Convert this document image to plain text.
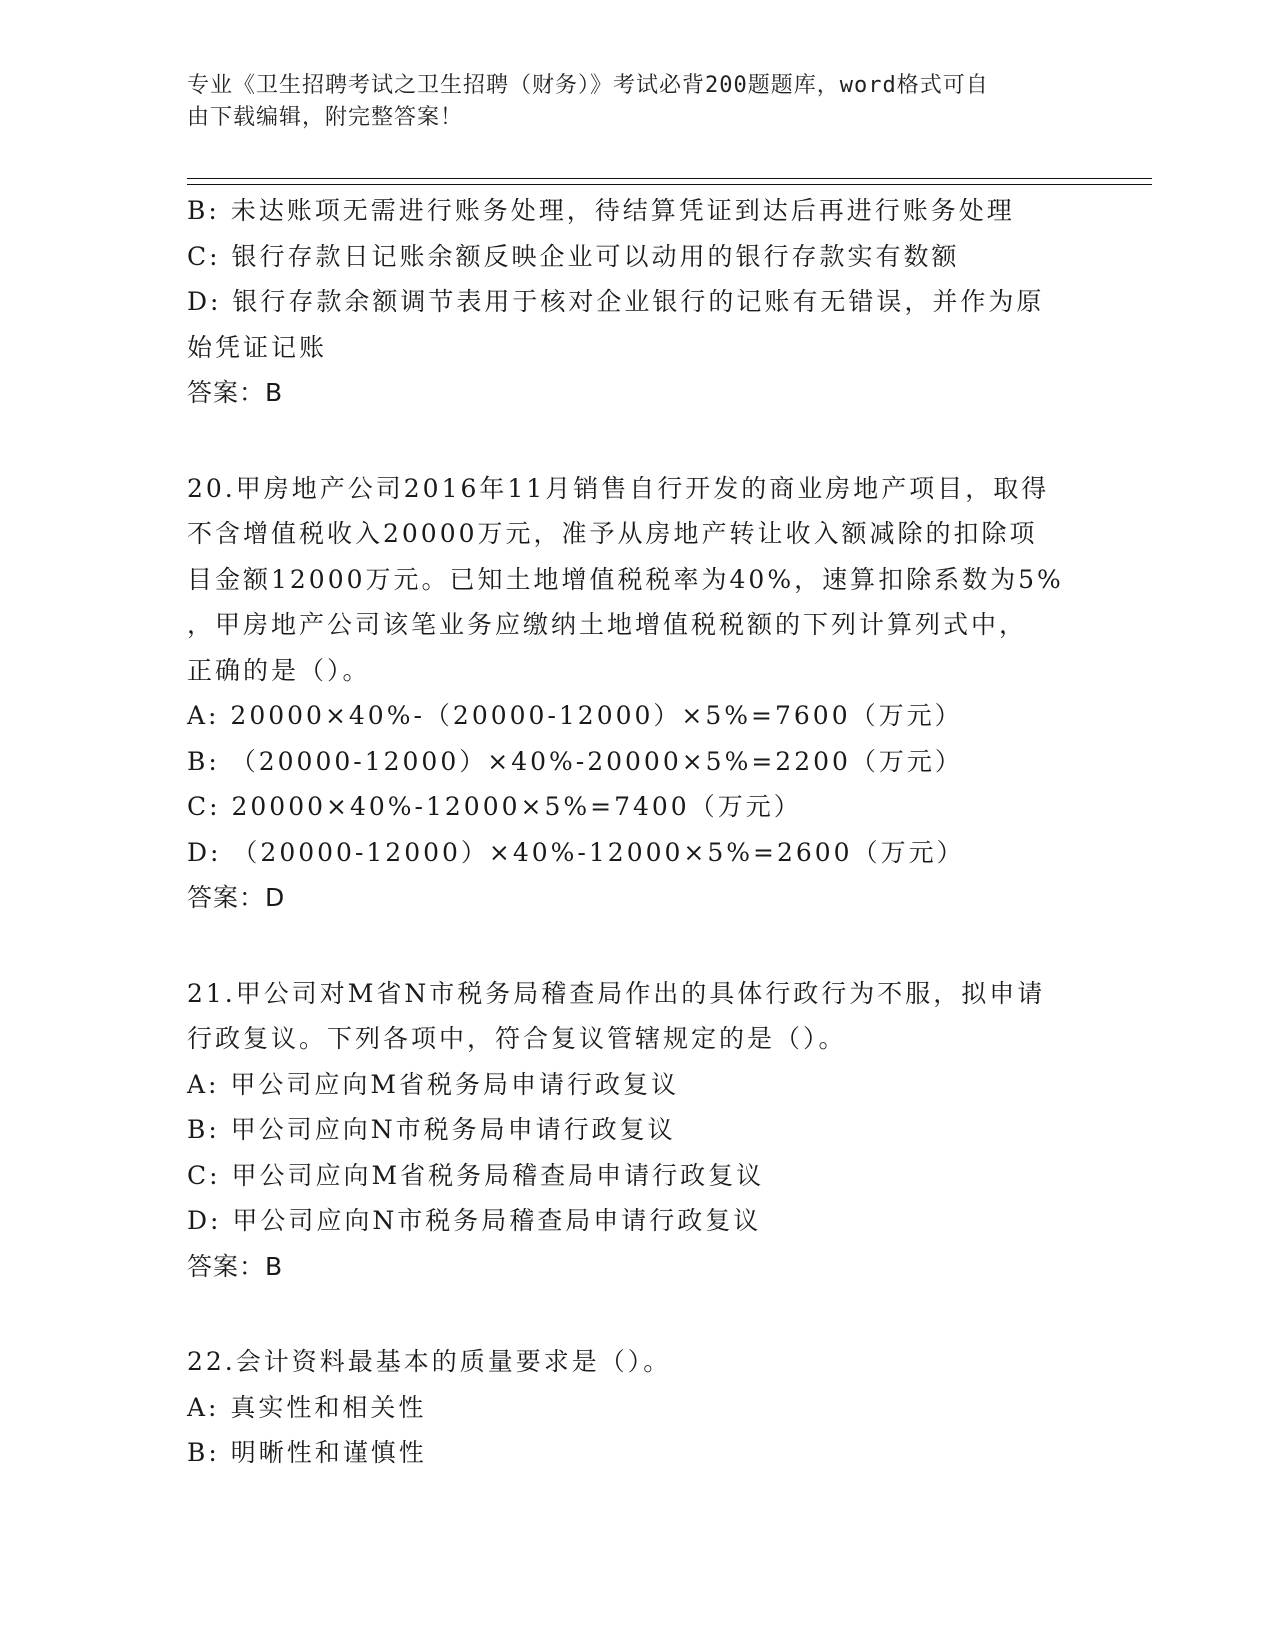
专业《卫生招聘考试之卫生招聘（财务）》考试必背200题题库，word格式可自
由下载编辑，附完整答案！
B: 未达账项无需进行账务处理，待结算凭证到达后再进行账务处理
C: 银行存款日记账余额反映企业可以动用的银行存款实有数额
D: 银行存款余额调节表用于核对企业银行的记账有无错误，并作为原
始凭证记账
答案：B
20.甲房地产公司2016年11月销售自行开发的商业房地产项目，取得
不含增值税收入20000万元，准予从房地产转让收入额减除的扣除项
目金额12000万元。已知土地增值税税率为40%，速算扣除系数为5%
，甲房地产公司该笔业务应缴纳土地增值税税额的下列计算列式中，
正确的是（）。
A: 20000×40%-（20000-12000）×5%=7600（万元）
B: （20000-12000）×40%-20000×5%=2200（万元）
C: 20000×40%-12000×5%=7400（万元）
D: （20000-12000）×40%-12000×5%=2600（万元）
答案：D
21.甲公司对M省N市税务局稽查局作出的具体行政行为不服，拟申请
行政复议。下列各项中，符合复议管辖规定的是（）。
A: 甲公司应向M省税务局申请行政复议
B: 甲公司应向N市税务局申请行政复议
C: 甲公司应向M省税务局稽查局申请行政复议
D: 甲公司应向N市税务局稽查局申请行政复议
答案：B
22.会计资料最基本的质量要求是（）。
A: 真实性和相关性
B: 明晰性和谨慎性
